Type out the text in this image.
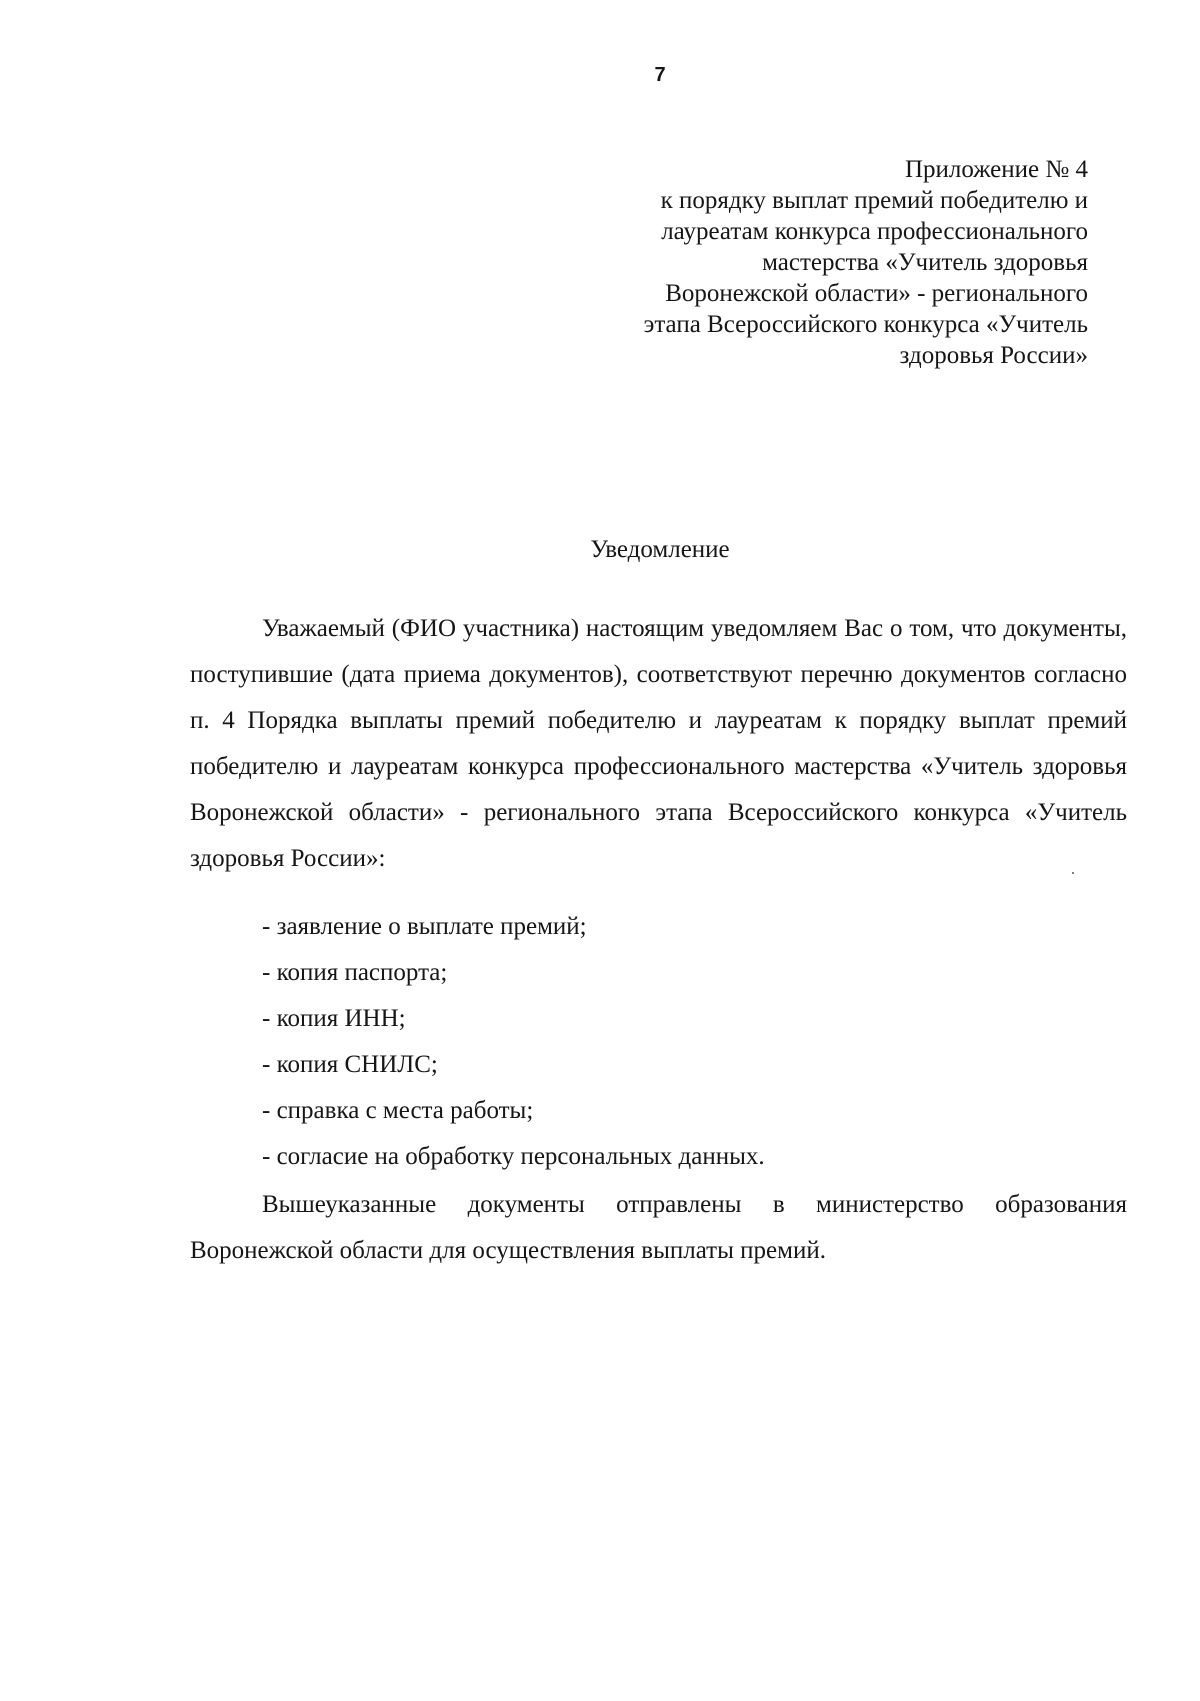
7
Приложение № 4
к порядку выплат премий победителю и
лауреатам конкурса профессионального
мастерства «Учитель здоровья
Воронежской области» - регионального
этапа Всероссийского конкурса «Учитель
здоровья России»
Уведомление

Уважаемый (ФИО участника) настоящим уведомляем Вас о том, что документы, поступившие (дата приема документов), соответствуют перечню документов согласно п. 4 Порядка выплаты премий победителю и лауреатам к порядку выплат премий победителю и лауреатам конкурса профессионального мастерства «Учитель здоровья Воронежской области» - регионального этапа Всероссийского конкурса «Учитель здоровья России»:

- заявление о выплате премий;
- копия паспорта;
- копия ИНН;
- копия СНИЛС;
- справка с места работы;
- согласие на обработку персональных данных.

Вышеуказанные документы отправлены в министерство образования Воронежской области для осуществления выплаты премий.
